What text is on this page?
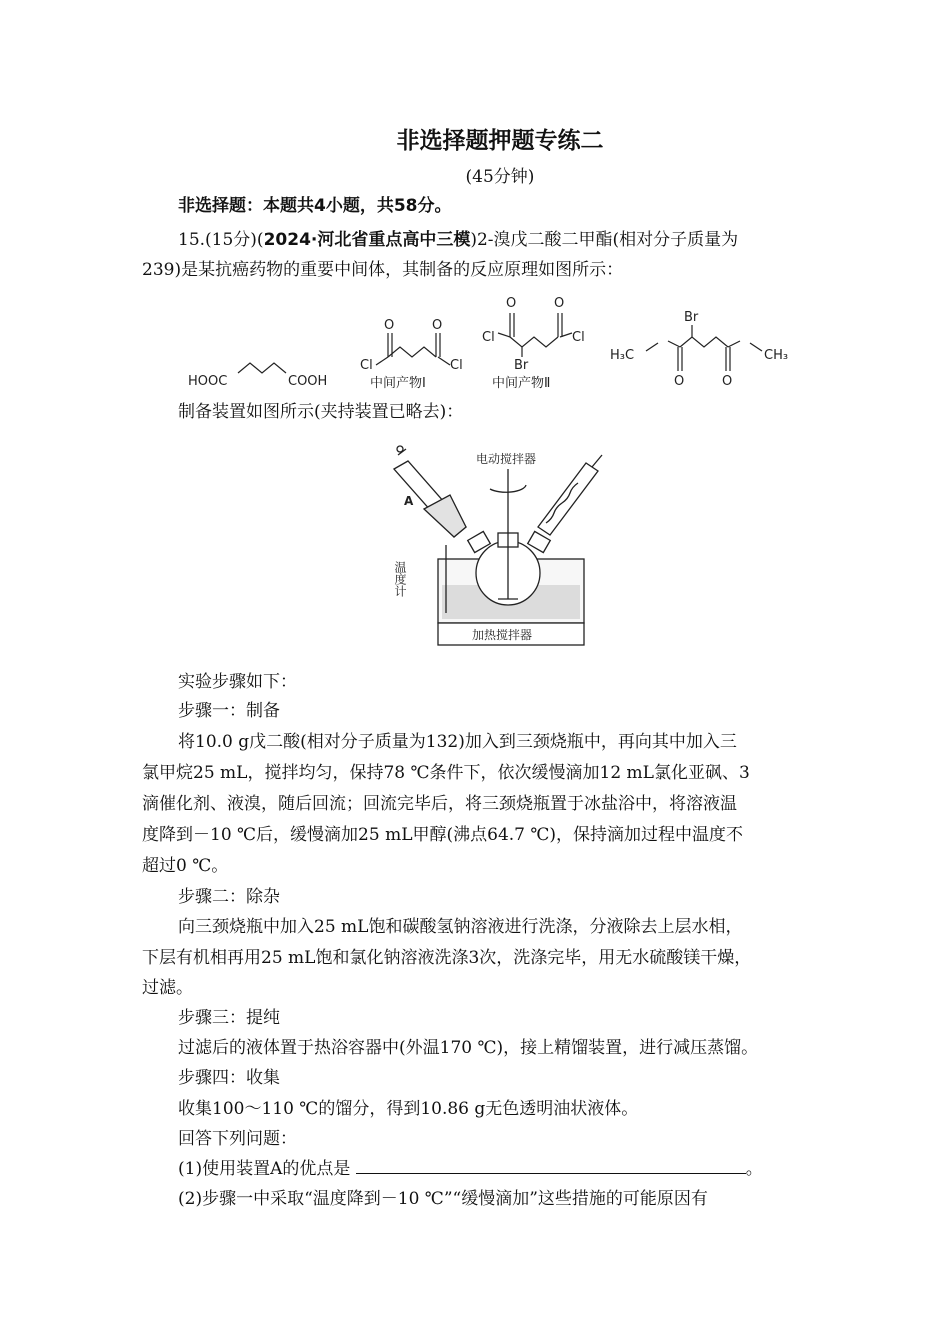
非选择题押题专练二
(45分钟)
非选择题：本题共4小题，共58分。
15.(15分)(2024·河北省重点高中三模)2-溴戊二酸二甲酯(相对分子质量为
239)是某抗癌药物的重要中间体，其制备的反应原理如图所示：
HOOC	COOH
O	O
Cl	Cl
中间产物Ⅰ
O	O
Cl	Cl
Br
中间产物Ⅱ
Br
H₃C	CH₃
O	O
制备装置如图所示(夹持装置已略去)：
A
电动搅拌器
加热搅拌器
温度计
实验步骤如下：
步骤一：制备
将10.0 g戊二酸(相对分子质量为132)加入到三颈烧瓶中，再向其中加入三
氯甲烷25 mL，搅拌均匀，保持78 ℃条件下，依次缓慢滴加12 mL氯化亚砜、3
滴催化剂、液溴，随后回流；回流完毕后，将三颈烧瓶置于冰盐浴中，将溶液温
度降到－10 ℃后，缓慢滴加25 mL甲醇(沸点64.7 ℃)，保持滴加过程中温度不
超过0 ℃。
步骤二：除杂
向三颈烧瓶中加入25 mL饱和碳酸氢钠溶液进行洗涤，分液除去上层水相，
下层有机相再用25 mL饱和氯化钠溶液洗涤3次，洗涤完毕，用无水硫酸镁干燥，
过滤。
步骤三：提纯
过滤后的液体置于热浴容器中(外温170 ℃)，接上精馏装置，进行减压蒸馏。
步骤四：收集
收集100～110 ℃的馏分，得到10.86 g无色透明油状液体。
回答下列问题：
(1)使用装置A的优点是	。
(2)步骤一中采取“温度降到－10 ℃”“缓慢滴加”这些措施的可能原因有
